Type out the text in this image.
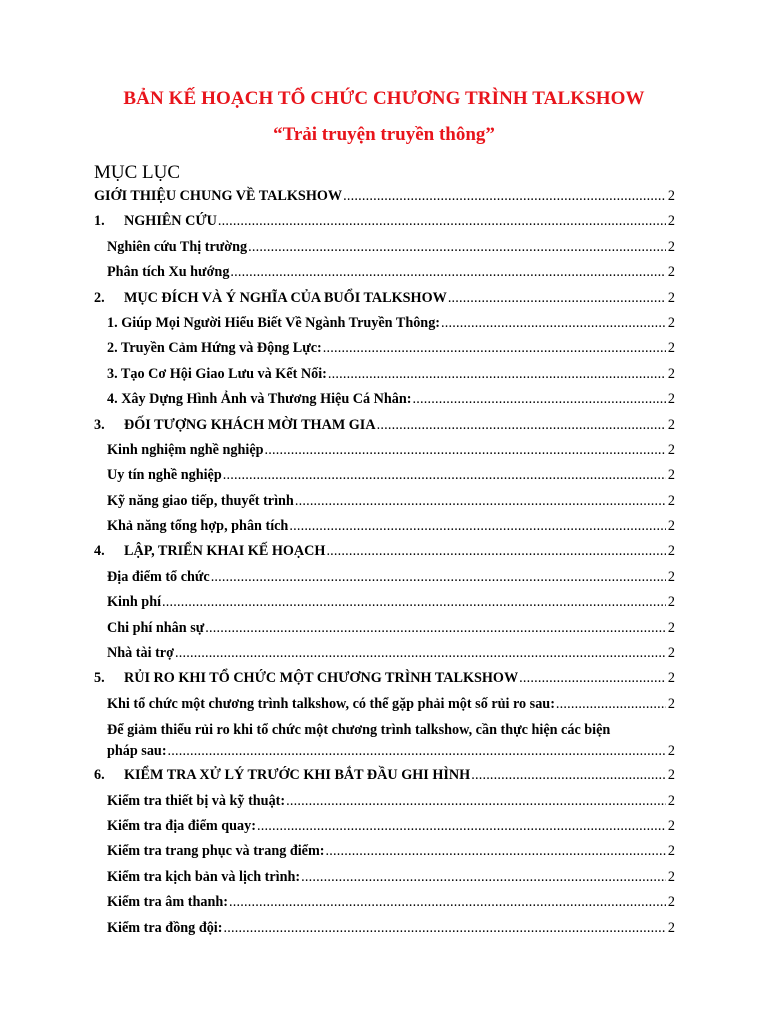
BẢN KẾ HOẠCH TỔ CHỨC CHƯƠNG TRÌNH TALKSHOW
“Trải truyện truyền thông”
MỤC LỤC
GIỚI THIỆU CHUNG VỀ TALKSHOW .....	2
1.	NGHIÊN CỨU .....	2
Nghiên cứu Thị trường .....	2
Phân tích Xu hướng .....	2
2.	MỤC ĐÍCH VÀ Ý NGHĨA CỦA BUỔI TALKSHOW .....	2
1. Giúp Mọi Người Hiểu Biết Về Ngành Truyền Thông: .....	2
2. Truyền Cảm Hứng và Động Lực: .....	2
3. Tạo Cơ Hội Giao Lưu và Kết Nối: .....	2
4. Xây Dựng Hình Ảnh và Thương Hiệu Cá Nhân: .....	2
3.	ĐỐI TƯỢNG KHÁCH MỜI THAM GIA .....	2
Kinh nghiệm nghề nghiệp .....	2
Uy tín nghề nghiệp .....	2
Kỹ năng giao tiếp, thuyết trình .....	2
Khả năng tổng hợp, phân tích .....	2
4.	LẬP, TRIỂN KHAI KẾ HOẠCH .....	2
Địa điểm tổ chức .....	2
Kinh phí .....	2
Chi phí nhân sự .....	2
Nhà tài trợ .....	2
5.	RỦI RO KHI TỔ CHỨC MỘT CHƯƠNG TRÌNH TALKSHOW .....	2
Khi tổ chức một chương trình talkshow, có thể gặp phải một số rủi ro sau: .....	2
Để giảm thiểu rủi ro khi tổ chức một chương trình talkshow, cần thực hiện các biện
pháp sau: .....	2
6.	KIỂM TRA XỬ LÝ TRƯỚC KHI BẮT ĐẦU GHI HÌNH .....	2
Kiểm tra thiết bị và kỹ thuật: .....	2
Kiểm tra địa điểm quay: .....	2
Kiểm tra trang phục và trang điểm: .....	2
Kiểm tra kịch bản và lịch trình: .....	2
Kiểm tra âm thanh: .....	2
Kiểm tra đồng đội: .....	2
